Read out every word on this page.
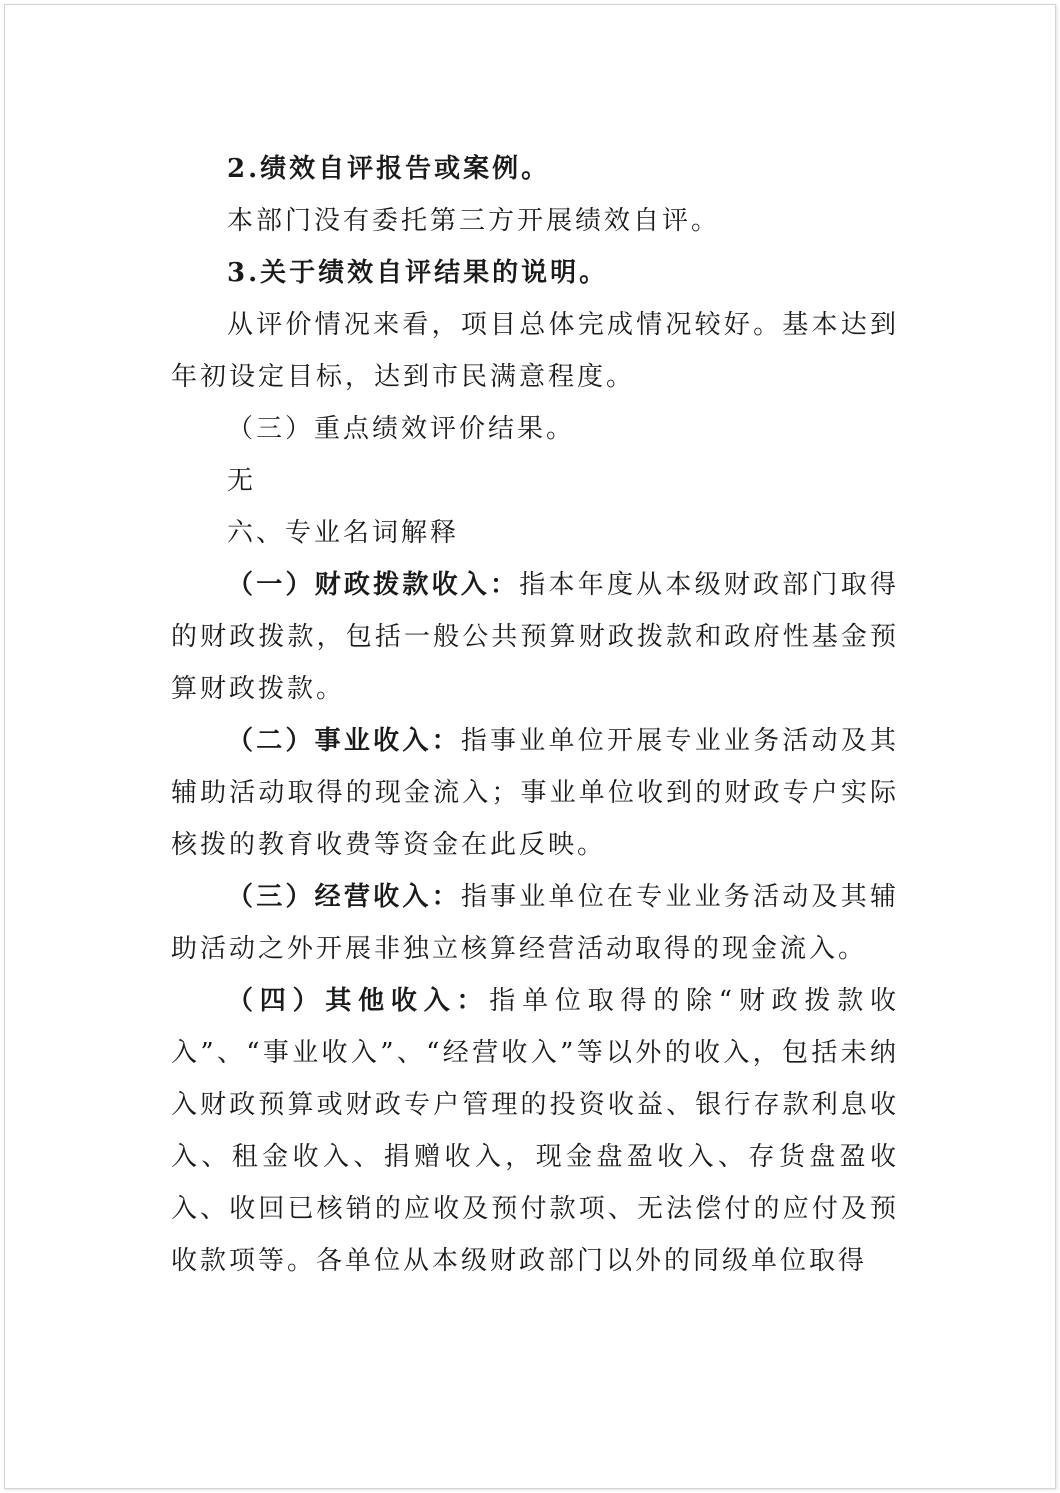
2.绩效自评报告或案例。

本部门没有委托第三方开展绩效自评。

3.关于绩效自评结果的说明。

从评价情况来看，项目总体完成情况较好。基本达到年初设定目标，达到市民满意程度。

（三）重点绩效评价结果。

无

六、专业名词解释

（一）财政拨款收入：指本年度从本级财政部门取得的财政拨款，包括一般公共预算财政拨款和政府性基金预算财政拨款。

（二）事业收入：指事业单位开展专业业务活动及其辅助活动取得的现金流入；事业单位收到的财政专户实际核拨的教育收费等资金在此反映。

（三）经营收入：指事业单位在专业业务活动及其辅助活动之外开展非独立核算经营活动取得的现金流入。

（四）其他收入：指单位取得的除“财政拨款收入”、“事业收入”、“经营收入”等以外的收入，包括未纳入财政预算或财政专户管理的投资收益、银行存款利息收入、租金收入、捐赠收入，现金盘盈收入、存货盘盈收入、收回已核销的应收及预付款项、无法偿付的应付及预收款项等。各单位从本级财政部门以外的同级单位取得
